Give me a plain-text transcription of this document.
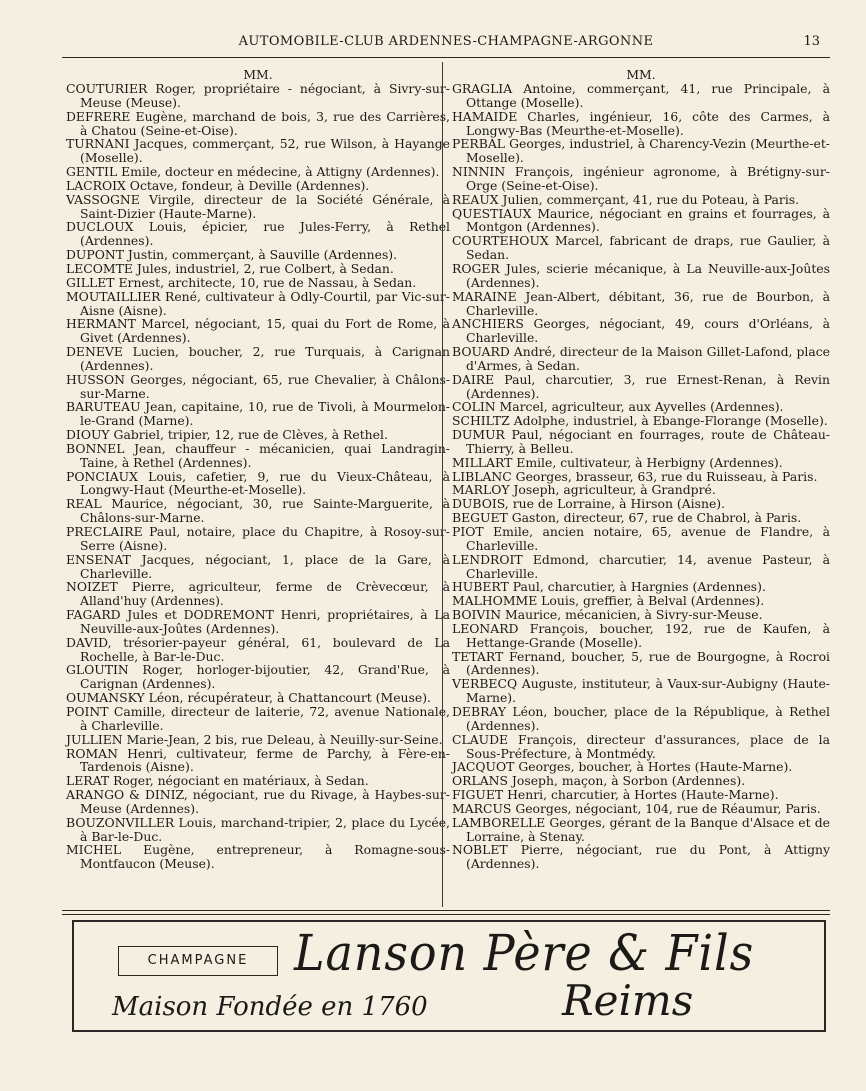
AUTOMOBILE-CLUB ARDENNES-CHAMPAGNE-ARGONNE	13
MM.

COUTURIER Roger, propriétaire - négociant, à Sivry-sur-Meuse (Meuse).

DEFRERE Eugène, marchand de bois, 3, rue des Carrières, à Chatou (Seine-et-Oise).

TURNANI Jacques, commerçant, 52, rue Wilson, à Hayange (Moselle).

GENTIL Emile, docteur en médecine, à Attigny (Ardennes).

LACROIX Octave, fondeur, à Deville (Ardennes).

VASSOGNE Virgile, directeur de la Société Générale, à Saint-Dizier (Haute-Marne).

DUCLOUX Louis, épicier, rue Jules-Ferry, à Rethel (Ardennes).

DUPONT Justin, commerçant, à Sauville (Ardennes).

LECOMTE Jules, industriel, 2, rue Colbert, à Sedan.

GILLET Ernest, architecte, 10, rue de Nassau, à Sedan.

MOUTAILLIER René, cultivateur à Odly-Courtil, par Vic-sur-Aisne (Aisne).

HERMANT Marcel, négociant, 15, quai du Fort de Rome, à Givet (Ardennes).

DENEVE Lucien, boucher, 2, rue Turquais, à Carignan (Ardennes).

HUSSON Georges, négociant, 65, rue Chevalier, à Châlons-sur-Marne.

BARUTEAU Jean, capitaine, 10, rue de Tivoli, à Mourmelon-le-Grand (Marne).

DIOUY Gabriel, tripier, 12, rue de Clèves, à Rethel.

BONNEL Jean, chauffeur - mécanicien, quai Landragin-Taine, à Rethel (Ardennes).

PONCIAUX Louis, cafetier, 9, rue du Vieux-Château, à Longwy-Haut (Meurthe-et-Moselle).

REAL Maurice, négociant, 30, rue Sainte-Marguerite, à Châlons-sur-Marne.

PRECLAIRE Paul, notaire, place du Chapitre, à Rosoy-sur-Serre (Aisne).

ENSENAT Jacques, négociant, 1, place de la Gare, à Charleville.

NOIZET Pierre, agriculteur, ferme de Crèvecœur, à Alland'huy (Ardennes).

FAGARD Jules et DODREMONT Henri, propriétaires, à La Neuville-aux-Joûtes (Ardennes).

DAVID, trésorier-payeur général, 61, boulevard de La Rochelle, à Bar-le-Duc.

GLOUTIN Roger, horloger-bijoutier, 42, Grand'Rue, à Carignan (Ardennes).

OUMANSKY Léon, récupérateur, à Chattancourt (Meuse).

POINT Camille, directeur de laiterie, 72, avenue Nationale, à Charleville.

JULLIEN Marie-Jean, 2 bis, rue Deleau, à Neuilly-sur-Seine.

ROMAN Henri, cultivateur, ferme de Parchy, à Fère-en-Tardenois (Aisne).

LERAT Roger, négociant en matériaux, à Sedan.

ARANGO & DINIZ, négociant, rue du Rivage, à Haybes-sur-Meuse (Ardennes).

BOUZONVILLER Louis, marchand-tripier, 2, place du Lycée, à Bar-le-Duc.

MICHEL Eugène, entrepreneur, à Romagne-sous-Montfaucon (Meuse).

MM.

GRAGLIA Antoine, commerçant, 41, rue Principale, à Ottange (Moselle).

HAMAIDE Charles, ingénieur, 16, côte des Carmes, à Longwy-Bas (Meurthe-et-Moselle).

PERBAL Georges, industriel, à Charency-Vezin (Meurthe-et-Moselle).

NINNIN François, ingénieur agronome, à Brétigny-sur-Orge (Seine-et-Oise).

REAUX Julien, commerçant, 41, rue du Poteau, à Paris.

QUESTIAUX Maurice, négociant en grains et fourrages, à Montgon (Ardennes).

COURTEHOUX Marcel, fabricant de draps, rue Gaulier, à Sedan.

ROGER Jules, scierie mécanique, à La Neuville-aux-Joûtes (Ardennes).

MARAINE Jean-Albert, débitant, 36, rue de Bourbon, à Charleville.

ANCHIERS Georges, négociant, 49, cours d'Orléans, à Charleville.

BOUARD André, directeur de la Maison Gillet-Lafond, place d'Armes, à Sedan.

DAIRE Paul, charcutier, 3, rue Ernest-Renan, à Revin (Ardennes).

COLIN Marcel, agriculteur, aux Ayvelles (Ardennes).

SCHILTZ Adolphe, industriel, à Ebange-Florange (Moselle).

DUMUR Paul, négociant en fourrages, route de Château-Thierry, à Belleu.

MILLART Emile, cultivateur, à Herbigny (Ardennes).

LIBLANC Georges, brasseur, 63, rue du Ruisseau, à Paris.

MARLOY Joseph, agriculteur, à Grandpré.

DUBOIS, rue de Lorraine, à Hirson (Aisne).

BEGUET Gaston, directeur, 67, rue de Chabrol, à Paris.

PIOT Emile, ancien notaire, 65, avenue de Flandre, à Charleville.

LENDROIT Edmond, charcutier, 14, avenue Pasteur, à Charleville.

HUBERT Paul, charcutier, à Hargnies (Ardennes).

MALHOMME Louis, greffier, à Belval (Ardennes).

BOIVIN Maurice, mécanicien, à Sivry-sur-Meuse.

LEONARD François, boucher, 192, rue de Kaufen, à Hettange-Grande (Moselle).

TETART Fernand, boucher, 5, rue de Bourgogne, à Rocroi (Ardennes).

VERBECQ Auguste, instituteur, à Vaux-sur-Aubigny (Haute-Marne).

DEBRAY Léon, boucher, place de la République, à Rethel (Ardennes).

CLAUDE François, directeur d'assurances, place de la Sous-Préfecture, à Montmédy.

JACQUOT Georges, boucher, à Hortes (Haute-Marne).

ORLANS Joseph, maçon, à Sorbon (Ardennes).

FIGUET Henri, charcutier, à Hortes (Haute-Marne).

MARCUS Georges, négociant, 104, rue de Réaumur, Paris.

LAMBORELLE Georges, gérant de la Banque d'Alsace et de Lorraine, à Stenay.

NOBLET Pierre, négociant, rue du Pont, à Attigny (Ardennes).

CHAMPAGNE Lanson Père & Fils
Reims
Maison Fondée en 1760
